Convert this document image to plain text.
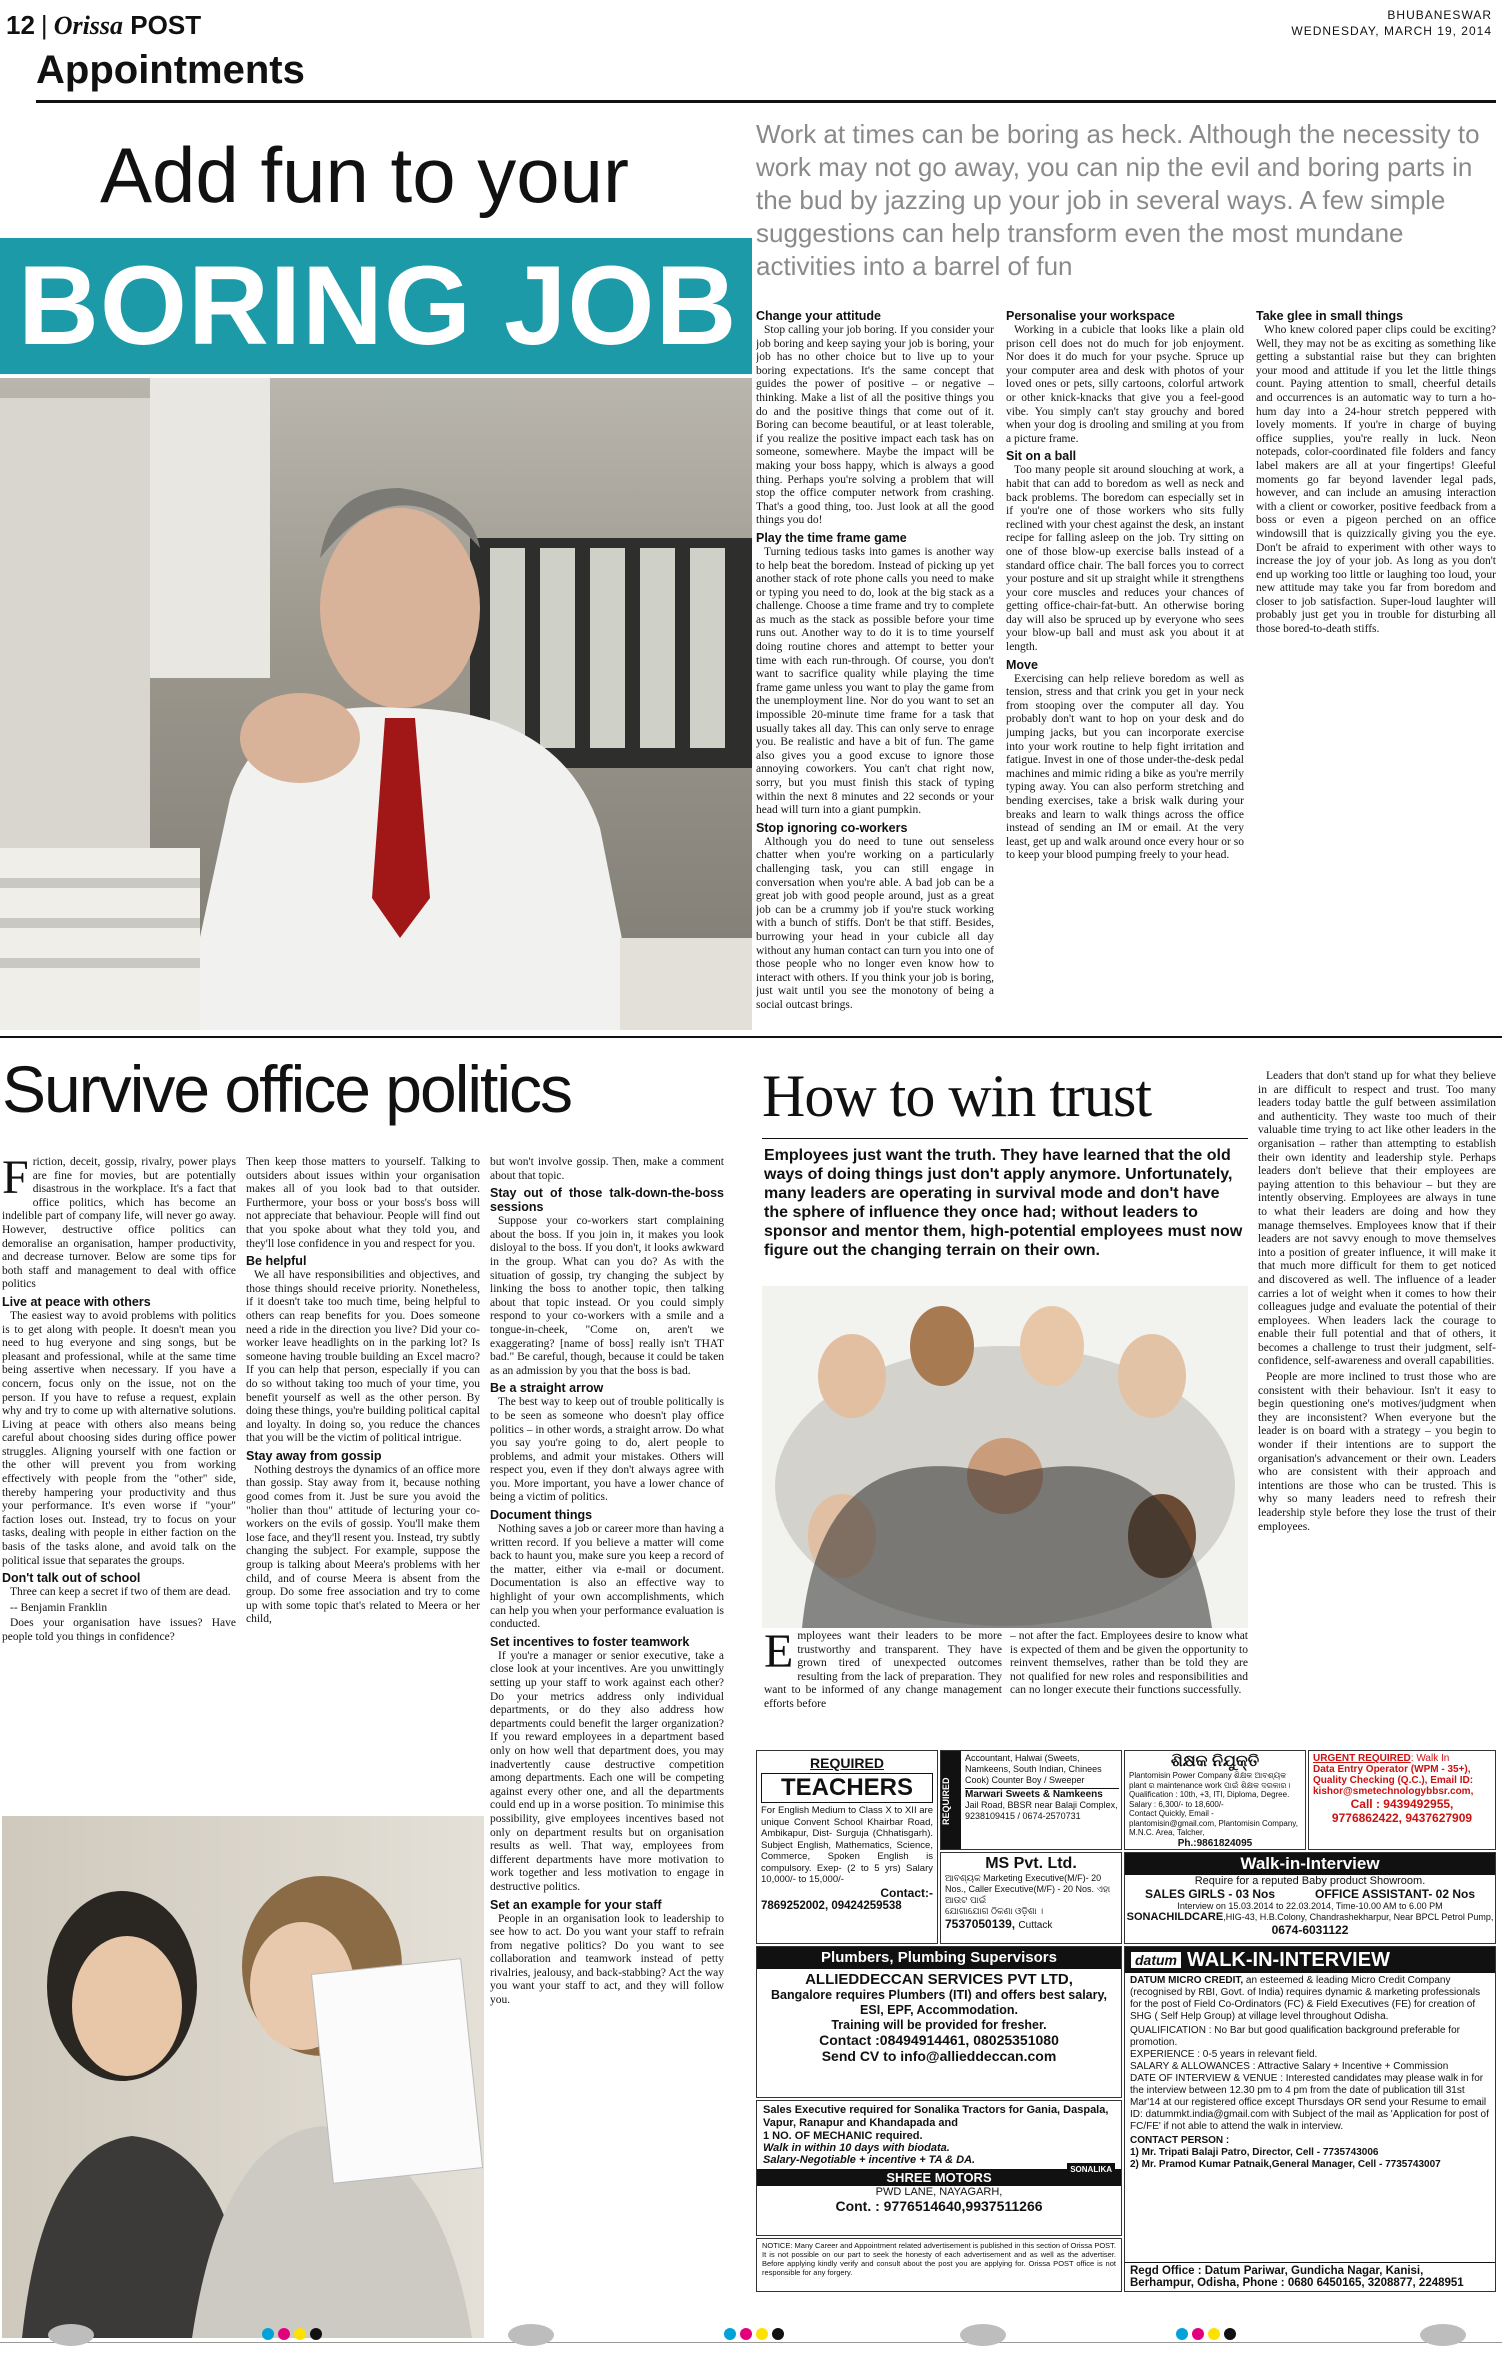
12 | Orissa POST	BHUBANESWAR
WEDNESDAY, MARCH 19, 2014
Appointments
Add fun to your
BORING JOB
Work at times can be boring as heck. Although the necessity to work may not go away, you can nip the evil and boring parts in the bud by jazzing up your job in several ways. A few simple suggestions can help transform even the most mundane activities into a barrel of fun
Change your attitude

Stop calling your job boring. If you consider your job boring and keep saying your job is boring, your job has no other choice but to live up to your boring expectations. It's the same concept that guides the power of positive – or negative – thinking. Make a list of all the positive things you do and the positive things that come out of it. Boring can become beautiful, or at least tolerable, if you realize the positive impact each task has on someone, somewhere. Maybe the impact will be making your boss happy, which is always a good thing. Perhaps you're solving a problem that will stop the office computer network from crashing. That's a good thing, too. Just look at all the good things you do!

Play the time frame game

Turning tedious tasks into games is another way to help beat the boredom. Instead of picking up yet another stack of rote phone calls you need to make or typing you need to do, look at the big stack as a challenge. Choose a time frame and try to complete as much as the stack as possible before your time runs out. Another way to do it is to time yourself doing routine chores and attempt to better your time with each run-through. Of course, you don't want to sacrifice quality while playing the time frame game unless you want to play the game from the unemployment line. Nor do you want to set an impossible 20-minute time frame for a task that usually takes all day. This can only serve to enrage you. Be realistic and have a bit of fun. The game also gives you a good excuse to ignore those annoying coworkers. You can't chat right now, sorry, but you must finish this stack of typing within the next 8 minutes and 22 seconds or your head will turn into a giant pumpkin.

Stop ignoring co-workers

Although you do need to tune out senseless chatter when you're working on a particularly challenging task, you can still engage in conversation when you're able. A bad job can be a great job with good people around, just as a great job can be a crummy job if you're stuck working with a bunch of stiffs. Don't be that stiff. Besides, burrowing your head in your cubicle all day without any human contact can turn you into one of those people who no longer even know how to interact with others. If you think your job is boring, just wait until you see the monotony of being a social outcast brings.

Personalise your workspace

Working in a cubicle that looks like a plain old prison cell does not do much for job enjoyment. Nor does it do much for your psyche. Spruce up your computer area and desk with photos of your loved ones or pets, silly cartoons, colorful artwork or other knick-knacks that give you a feel-good vibe. You simply can't stay grouchy and bored when your dog is drooling and smiling at you from a picture frame.

Sit on a ball

Too many people sit around slouching at work, a habit that can add to boredom as well as neck and back problems. The boredom can especially set in if you're one of those workers who sits fully reclined with your chest against the desk, an instant recipe for falling asleep on the job. Try sitting on one of those blow-up exercise balls instead of a standard office chair. The ball forces you to correct your posture and sit up straight while it strengthens your core muscles and reduces your chances of getting office-chair-fat-butt. An otherwise boring day will also be spruced up by everyone who sees your blow-up ball and must ask you about it at length.

Move

Exercising can help relieve boredom as well as tension, stress and that crink you get in your neck from stooping over the computer all day. You probably don't want to hop on your desk and do jumping jacks, but you can incorporate exercise into your work routine to help fight irritation and fatigue. Invest in one of those under-the-desk pedal machines and mimic riding a bike as you're merrily typing away. You can also perform stretching and bending exercises, take a brisk walk during your breaks and learn to walk things across the office instead of sending an IM or email. At the very least, get up and walk around once every hour or so to keep your blood pumping freely to your head.

Take glee in small things

Who knew colored paper clips could be exciting? Well, they may not be as exciting as something like getting a substantial raise but they can brighten your mood and attitude if you let the little things count. Paying attention to small, cheerful details and occurrences is an automatic way to turn a ho-hum day into a 24-hour stretch peppered with lovely moments. If you're in charge of buying office supplies, you're really in luck. Neon notepads, color-coordinated file folders and fancy label makers are all at your fingertips! Gleeful moments go far beyond lavender legal pads, however, and can include an amusing interaction with a client or coworker, positive feedback from a boss or even a pigeon perched on an office windowsill that is quizzically giving you the eye. Don't be afraid to experiment with other ways to increase the joy of your job. As long as you don't end up working too little or laughing too loud, your new attitude may take you far from boredom and closer to job satisfaction. Super-loud laughter will probably just get you in trouble for disturbing all those bored-to-death stiffs.

Survive office politics

Friction, deceit, gossip, rivalry, power plays are fine for movies, but are potentially disastrous in the workplace. It's a fact that office politics, which has become an indelible part of company life, will never go away. However, destructive office politics can demoralise an organisation, hamper productivity, and decrease turnover. Below are some tips for both staff and management to deal with office politics

Live at peace with others

The easiest way to avoid problems with politics is to get along with people. It doesn't mean you need to hug everyone and sing songs, but be pleasant and professional, while at the same time being assertive when necessary. If you have a concern, focus only on the issue, not on the person. If you have to refuse a request, explain why and try to come up with alternative solutions. Living at peace with others also means being careful about choosing sides during office power struggles. Aligning yourself with one faction or the other will prevent you from working effectively with people from the "other" side, thereby hampering your productivity and thus your performance. It's even worse if "your" faction loses out. Instead, try to focus on your tasks, dealing with people in either faction on the basis of the tasks alone, and avoid talk on the political issue that separates the groups.

Don't talk out of school

Three can keep a secret if two of them are dead.

-- Benjamin Franklin

Does your organisation have issues? Have people told you things in confidence?

Then keep those matters to yourself. Talking to outsiders about issues within your organisation makes all of you look bad to that outsider. Furthermore, your boss or your boss's boss will not appreciate that behaviour. People will find out that you spoke about what they told you, and they'll lose confidence in you and respect for you.

Be helpful

We all have responsibilities and objectives, and those things should receive priority. Nonetheless, if it doesn't take too much time, being helpful to others can reap benefits for you. Does someone need a ride in the direction you live? Did your co-worker leave headlights on in the parking lot? Is someone having trouble building an Excel macro? If you can help that person, especially if you can do so without taking too much of your time, you benefit yourself as well as the other person. By doing these things, you're building political capital and loyalty. In doing so, you reduce the chances that you will be the victim of political intrigue.

Stay away from gossip

Nothing destroys the dynamics of an office more than gossip. Stay away from it, because nothing good comes from it. Just be sure you avoid the "holier than thou" attitude of lecturing your co-workers on the evils of gossip. You'll make them lose face, and they'll resent you. Instead, try subtly changing the subject. For example, suppose the group is talking about Meera's problems with her child, and of course Meera is absent from the group. Do some free association and try to come up with some topic that's related to Meera or her child,

but won't involve gossip. Then, make a comment about that topic.

Stay out of those talk-down-the-boss sessions

Suppose your co-workers start complaining about the boss. If you join in, it makes you look disloyal to the boss. If you don't, it looks awkward in the group. What can you do? As with the situation of gossip, try changing the subject by linking the boss to another topic, then talking about that topic instead. Or you could simply respond to your co-workers with a smile and a tongue-in-cheek, "Come on, aren't we exaggerating? [name of boss] really isn't THAT bad." Be careful, though, because it could be taken as an admission by you that the boss is bad.

Be a straight arrow

The best way to keep out of trouble politically is to be seen as someone who doesn't play office politics – in other words, a straight arrow. Do what you say you're going to do, alert people to problems, and admit your mistakes. Others will respect you, even if they don't always agree with you. More important, you have a lower chance of being a victim of politics.

Document things

Nothing saves a job or career more than having a written record. If you believe a matter will come back to haunt you, make sure you keep a record of the matter, either via e-mail or document. Documentation is also an effective way to highlight of your own accomplishments, which can help you when your performance evaluation is conducted.

Set incentives to foster teamwork

If you're a manager or senior executive, take a close look at your incentives. Are you unwittingly setting up your staff to work against each other? Do your metrics address only individual departments, or do they also address how departments could benefit the larger organization? If you reward employees in a department based only on how well that department does, you may inadvertently cause destructive competition among departments. Each one will be competing against every other one, and all the departments could end up in a worse position. To minimise this possibility, give employees incentives based not only on department results but on organisation results as well. That way, employees from different departments have more motivation to work together and less motivation to engage in destructive politics.

Set an example for your staff

People in an organisation look to leadership to see how to act. Do you want your staff to refrain from negative politics? Do you want to see collaboration and teamwork instead of petty rivalries, jealousy, and back-stabbing? Act the way you want your staff to act, and they will follow you.

How to win trust
Employees just want the truth. They have learned that the old ways of doing things just don't apply anymore. Unfortunately, many leaders are operating in survival mode and don't have the sphere of influence they once had; without leaders to sponsor and mentor them, high-potential employees must now figure out the changing terrain on their own.

Employees want their leaders to be more trustworthy and transparent. They have grown tired of unexpected outcomes resulting from the lack of preparation. They want to be informed of any change management efforts before

– not after the fact. Employees desire to know what is expected of them and be given the opportunity to reinvent themselves, rather than be told they are not qualified for new roles and responsibilities and can no longer execute their functions successfully.

Leaders that don't stand up for what they believe in are difficult to respect and trust. Too many leaders today battle the gulf between assimilation and authenticity. They waste too much of their valuable time trying to act like other leaders in the organisation – rather than attempting to establish their own identity and leadership style. Perhaps leaders don't believe that their employees are paying attention to this behaviour – but they are intently observing. Employees are always in tune to what their leaders are doing and how they manage themselves. Employees know that if their leaders are not savvy enough to move themselves into a position of greater influence, it will make it that much more difficult for them to get noticed and discovered as well. The influence of a leader carries a lot of weight when it comes to how their colleagues judge and evaluate the potential of their employees. When leaders lack the courage to enable their full potential and that of others, it becomes a challenge to trust their judgment, self-confidence, self-awareness and overall capabilities.

People are more inclined to trust those who are consistent with their behaviour. Isn't it easy to begin questioning one's motives/judgment when they are inconsistent? When everyone but the leader is on board with a strategy – you begin to wonder if their intentions are to support the organisation's advancement or their own. Leaders who are consistent with their approach and intentions are those who can be trusted. This is why so many leaders need to refresh their leadership style before they lose the trust of their employees.

REQUIRED
TEACHERS
For English Medium to Class X to XII are unique Convent School Khairbar Road, Ambikapur, Dist- Surguja (Chhatisgarh). Subject English, Mathematics, Science, Commerce, Spoken English is compulsory. Exep- (2 to 5 yrs) Salary 10,000/- to 15,000/-
Contact:-
7869252002, 09424259538
REQUIRED
Accountant, Halwai (Sweets, Namkeens, South Indian, Chinees Cook) Counter Boy / Sweeper
Marwari Sweets & Namkeens
Jail Road, BBSR near Balaji Complex, 9238109415 / 0674-2570731
ଶିକ୍ଷକ ନିଯୁକ୍ତି
Plantomisin Power Company ଶିକ୍ଷକ ଆବଶ୍ୟକ plant ର maintenance work ପାଇଁ ଶିକ୍ଷକ ଦରକାର। Qualification : 10th, +3, ITI, Diploma, Degree. Salary : 6,300/- to 18,600/-
Contact Quickly, Email - plantomisin@gmail.com, Plantomisin Company, M.N.C. Area, Talcher,
Ph.:9861824095
URGENT REQUIRED: Walk In
Data Entry Operator (WPM - 35+),
Quality Checking (Q.C.), Email ID:
kishor@smetechnologybbsr.com,
Call : 9439492955,
9776862422, 9437627909
MS Pvt. Ltd.
ଆବଶ୍ୟକ Marketing Executive(M/F)- 20 Nos., Caller Executive(M/F) - 20 Nos. ଏହା ଆଉଟ ପାଇଁ
ଯୋଗାଯୋଗ ଠିକଣା ଓଡ଼ିଶା ।
7537050139, Cuttack
Walk-in-Interview
Require for a reputed Baby product Showroom.
SALES GIRLS - 03 Nos	OFFICE ASSISTANT- 02 Nos
Interview on 15.03.2014 to 22.03.2014, Time-10.00 AM to 6.00 PM
SONACHILDCARE,HIG-43, H.B.Colony, Chandrashekharpur, Near BPCL Petrol Pump, 0674-6031122
Plumbers, Plumbing Supervisors
ALLIEDDECCAN SERVICES PVT LTD,
Bangalore requires Plumbers (ITI) and offers best salary, ESI, EPF, Accommodation.
Training will be provided for fresher.
Contact :08494914461, 08025351080
Send CV to info@allieddeccan.com
datum WALK-IN-INTERVIEW
DATUM MICRO CREDIT, an esteemed & leading Micro Credit Company (recognised by RBI, Govt. of India) requires dynamic & marketing professionals for the post of Field Co-Ordinators (FC) & Field Executives (FE) for creation of SHG ( Self Help Group) at village level throughout Odisha.
QUALIFICATION : No Bar but good qualification background preferable for promotion.
EXPERIENCE : 0-5 years in relevant field.
SALARY & ALLOWANCES : Attractive Salary + Incentive + Commission
DATE OF INTERVIEW & VENUE : Interested candidates may please walk in for the interview between 12.30 pm to 4 pm from the date of publication till 31st Mar'14 at our registered office except Thursdays OR send your Resume to email ID: datummkt.india@gmail.com with Subject of the mail as 'Application for post of FC/FE' if not able to attend the walk in interview.
CONTACT PERSON :
1) Mr. Tripati Balaji Patro, Director, Cell - 7735743006
2) Mr. Pramod Kumar Patnaik,General Manager, Cell - 7735743007
Regd Office : Datum Pariwar, Gundicha Nagar, Kanisi,
Berhampur, Odisha, Phone : 0680 6450165, 3208877, 2248951
Sales Executive required for Sonalika Tractors for Gania, Daspala, Vapur, Ranapur and Khandapada and
1 NO. OF MECHANIC required.
Walk in within 10 days with biodata.
Salary-Negotiable + incentive + TA & DA.
SONALIKA
SHREE MOTORS
PWD LANE, NAYAGARH,
Cont. : 9776514640,9937511266
NOTICE: Many Career and Appointment related advertisement is published in this section of Orissa POST. It is not possible on our part to seek the honesty of each advertisement and as well as the advertiser. Before applying kindly verify and consult about the post you are applying for. Orissa POST office is not responsible for any forgery.
